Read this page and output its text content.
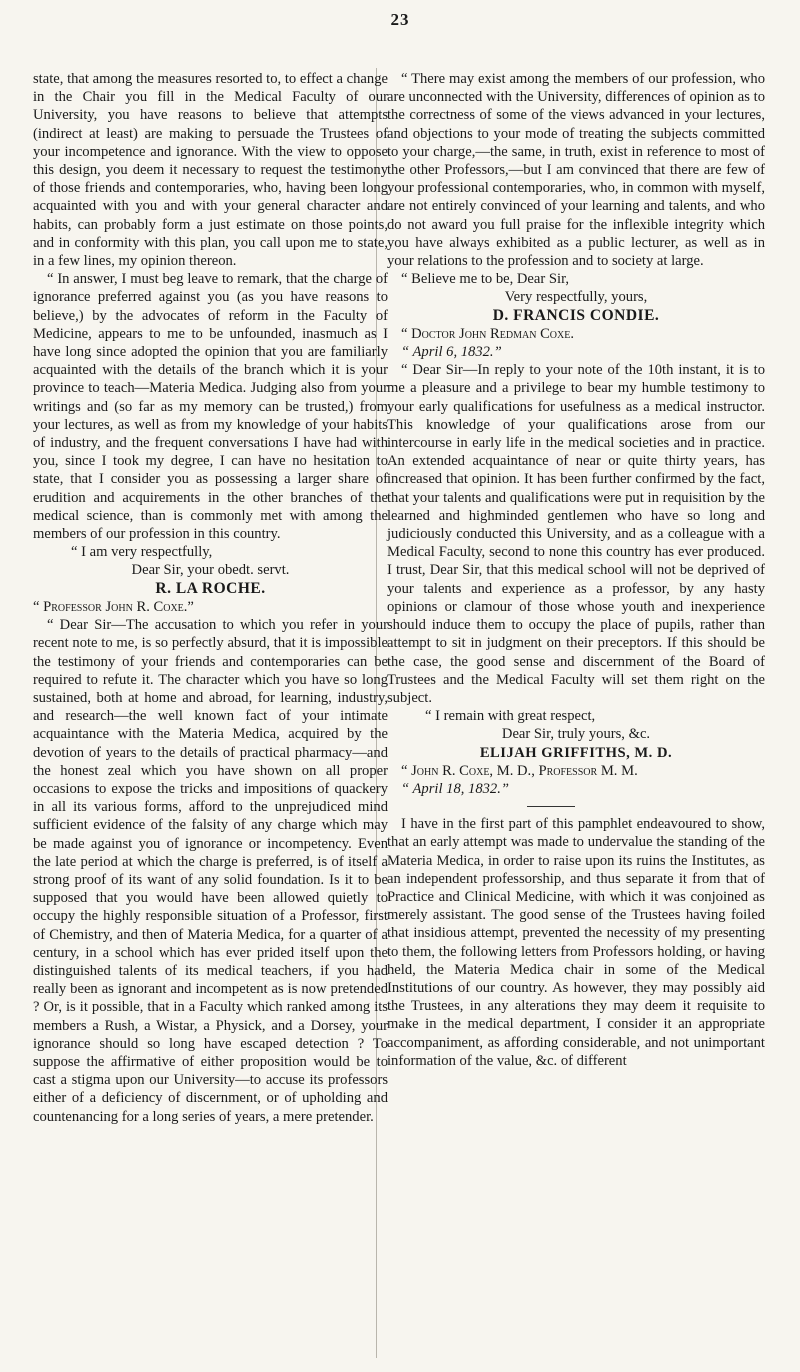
23

state, that among the measures resorted to, to effect a change in the Chair you fill in the Medical Faculty of our University, you have reasons to believe that attempts (indirect at least) are making to persuade the Trustees of your incompetence and ignorance. With the view to oppose this design, you deem it necessary to request the testimony of those friends and contemporaries, who, having been long acquainted with you and with your general character and habits, can probably form a just estimate on those points, and in conformity with this plan, you call upon me to state, in a few lines, my opinion thereon.

“ In answer, I must beg leave to remark, that the charge of ignorance preferred against you (as you have reasons to believe,) by the advocates of reform in the Faculty of Medicine, appears to me to be unfounded, inasmuch as I have long since adopted the opinion that you are familiarly acquainted with the details of the branch which it is your province to teach—Materia Medica. Judging also from your writings and (so far as my memory can be trusted,) from your lectures, as well as from my knowledge of your habits of industry, and the frequent conversations I have had with you, since I took my degree, I can have no hesitation to state, that I consider you as possessing a larger share of erudition and acquirements in the other branches of the medical science, than is commonly met with among the members of our profession in this country.

“ I am very respectfully,

Dear Sir, your obedt. servt.

R. LA ROCHE.

“ Professor John R. Coxe.”

“ Dear Sir—The accusation to which you refer in your recent note to me, is so perfectly absurd, that it is impossible the testimony of your friends and contemporaries can be required to refute it. The character which you have so long sustained, both at home and abroad, for learning, industry, and research—the well known fact of your intimate acquaintance with the Materia Medica, acquired by the devotion of years to the details of practical pharmacy—and the honest zeal which you have shown on all proper occasions to expose the tricks and impositions of quackery in all its various forms, afford to the unprejudiced mind sufficient evidence of the falsity of any charge which may be made against you of ignorance or incompetency. Even the late period at which the charge is preferred, is of itself a strong proof of its want of any solid foundation. Is it to be supposed that you would have been allowed quietly to occupy the highly responsible situation of a Professor, first of Chemistry, and then of Materia Medica, for a quarter of a century, in a school which has ever prided itself upon the distinguished talents of its medical teachers, if you had really been as ignorant and incompetent as is now pretended ? Or, is it possible, that in a Faculty which ranked among its members a Rush, a Wistar, a Physick, and a Dorsey, your ignorance should so long have escaped detection ? To suppose the affirmative of either proposition would be to cast a stigma upon our University—to accuse its professors either of a deficiency of discernment, or of upholding and countenancing for a long series of years, a mere pretender.

“ There may exist among the members of our profession, who are unconnected with the University, differences of opinion as to the correctness of some of the views advanced in your lectures, and objections to your mode of treating the subjects committed to your charge,—the same, in truth, exist in reference to most of the other Professors,—but I am convinced that there are few of your professional contemporaries, who, in common with myself, are not entirely convinced of your learning and talents, and who do not award you full praise for the inflexible integrity which you have always exhibited as a public lecturer, as well as in your relations to the profession and to society at large.

“ Believe me to be, Dear Sir,

Very respectfully, yours,

D. FRANCIS CONDIE.

“ Doctor John Redman Coxe.

“ April 6, 1832.”

“ Dear Sir—In reply to your note of the 10th instant, it is to me a pleasure and a privilege to bear my humble testimony to your early qualifications for usefulness as a medical instructor. This knowledge of your qualifications arose from our intercourse in early life in the medical societies and in practice. An extended acquaintance of near or quite thirty years, has increased that opinion. It has been further confirmed by the fact, that your talents and qualifications were put in requisition by the learned and highminded gentlemen who have so long and judiciously conducted this University, and as a colleague with a Medical Faculty, second to none this country has ever produced. I trust, Dear Sir, that this medical school will not be deprived of your talents and experience as a professor, by any hasty opinions or clamour of those whose youth and inexperience should induce them to occupy the place of pupils, rather than attempt to sit in judgment on their preceptors. If this should be the case, the good sense and discernment of the Board of Trustees and the Medical Faculty will set them right on the subject.

“ I remain with great respect,

Dear Sir, truly yours, &c.

ELIJAH GRIFFITHS, M. D.

“ John R. Coxe, M. D., Professor M. M.

“ April 18, 1832.”

I have in the first part of this pamphlet endeavoured to show, that an early attempt was made to undervalue the standing of the Materia Medica, in order to raise upon its ruins the Institutes, as an independent professorship, and thus separate it from that of Practice and Clinical Medicine, with which it was conjoined as merely assistant. The good sense of the Trustees having foiled that insidious attempt, prevented the necessity of my presenting to them, the following letters from Professors holding, or having held, the Materia Medica chair in some of the Medical Institutions of our country. As however, they may possibly aid the Trustees, in any alterations they may deem it requisite to make in the medical department, I consider it an appropriate accompaniment, as affording considerable, and not unimportant information of the value, &c. of different
